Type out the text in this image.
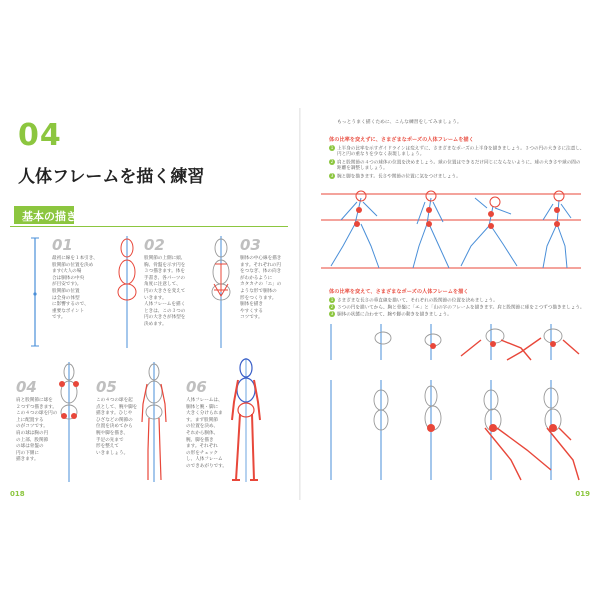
04
人体フレームを描く練習
基本の描き方
01
最初に線を１本引き、
股関節の位置を決め
ます(大人の場
合は胴体の中央
が目安です)。
股関節の位置
は全身の体型
に影響するので、
重要なポイント
です。
02
股関節の上側に頭、
胸、骨盤を示す円を
３つ描きます。体を
手書き、各パーツの
角度に注意して、
円の大きさを変えて
いきます。
人体フレームを描く
ときは、この３つの
円の大きさが体型を
決めます。
03
胴体の中心線を描き
ます。それぞれの円
をつなぎ、体の向き
がわかるように
カタカナの「エ」の
ような形で胴体の
形をつくります。
胴体を描き
やすくする
コツです。
04
肩と股関節に球を
２つずつ描きます。
この４つの球を円の
上に配置する
のがコツです。
肩の球は胸の円
の上部、股関節
の球は骨盤の
円の下側に
描きます。
05
この４つの球を起
点として、腕や脚を
描きます。ひじや
ひざなどの関節の
位置を決めてから
腕や脚を描き、
手足の先まで
形を整えて
いきましょう。
06
人体フレームは、
胴体と腕・脚に
大きく分けられま
す。まず股関節
の位置を決め、
それから胴体、
腕、脚を描き
ます。それぞれ
の形をチェック
し、人体フレーム
のできあがりです。
018
もっとうまく描くために、こんな練習をしてみましょう。
体の比率を変えずに、さまざまなポーズの人体フレームを描く
1 上半身の比率を示すガイドラインは変えずに、さまざまなポーズの上半身を描きましょう。３つの円の大きさに注意し、
円と円の重なりを少なく表現しましょう。
2 肩と股関節の４つの球体の位置を決めましょう。球の位置はできるだけ同じにならないように、球の大きさや球の間の
距離を調整しましょう。
3 腕と脚を描きます。長さや関節の位置に気をつけましょう。
体の比率を変えて、さまざまなポーズの人体フレームを描く
1 さまざまな長さの垂直線を描いて、それぞれの股関節の位置を決めましょう。
2 ３つの円を描いてから、胸と骨盤に「エ」と「山の字のフレームを描きます。肩と股関節に球を２つずつ描きましょう。
3 胴体の状態に合わせて、腕や脚の動きを描きましょう。
019
